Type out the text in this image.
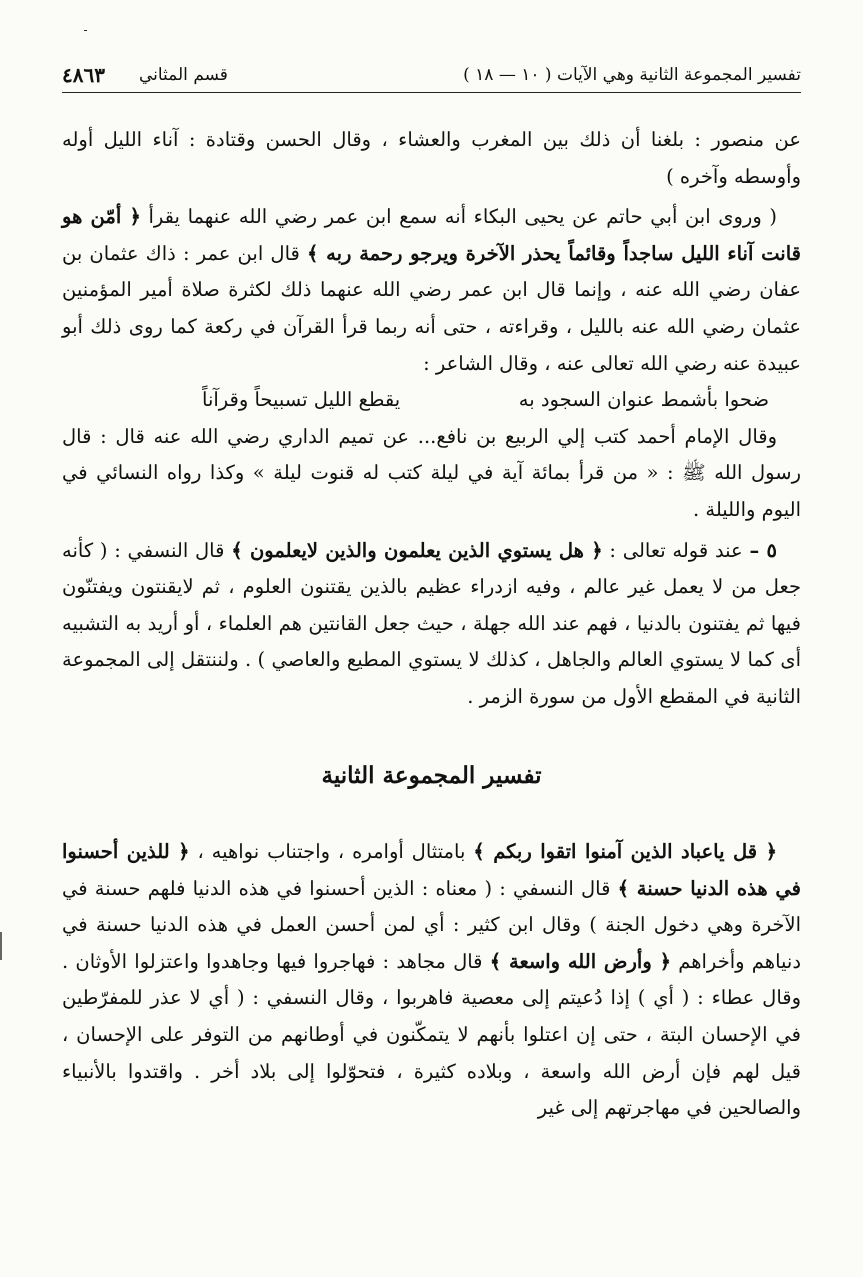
تفسير المجموعة الثانية وهي الآيات ( ١٠ — ١٨ )
قسم المثاني
٤٨٦٣

عن منصور : بلغنا أن ذلك بين المغرب والعشاء ، وقال الحسن وقتادة : آناء الليل أوله وأوسطه وآخره )

( وروى ابن أبي حاتم عن يحيى البكاء أنه سمع ابن عمر رضي الله عنهما يقرأ ﴿ أمّن هو قانت آناء الليل ساجداً وقائماً يحذر الآخرة ويرجو رحمة ربه ﴾ قال ابن عمر : ذاك عثمان بن عفان رضي الله عنه ، وإنما قال ابن عمر رضي الله عنهما ذلك لكثرة صلاة أمير المؤمنين عثمان رضي الله عنه بالليل ، وقراءته ، حتى أنه ربما قرأ القرآن في ركعة كما روى ذلك أبو عبيدة عنه رضي الله تعالى عنه ، وقال الشاعر :

ضحوا بأشمط عنوان السجود به
يقطع الليل تسبيحاً وقرآناً

وقال الإمام أحمد كتب إلي الربيع بن نافع... عن تميم الداري رضي الله عنه قال : قال رسول الله ﷺ : « من قرأ بمائة آية في ليلة كتب له قنوت ليلة » وكذا رواه النسائي في اليوم والليلة .

٥ – عند قوله تعالى : ﴿ هل يستوي الذين يعلمون والذين لايعلمون ﴾ قال النسفي : ( كأنه جعل من لا يعمل غير عالم ، وفيه ازدراء عظيم بالذين يقتنون العلوم ، ثم لايقنتون ويفتنّون فيها ثم يفتنون بالدنيا ، فهم عند الله جهلة ، حيث جعل القانتين هم العلماء ، أو أريد به التشبيه أى كما لا يستوي العالم والجاهل ، كذلك لا يستوي المطيع والعاصي ) . ولننتقل إلى المجموعة الثانية في المقطع الأول من سورة الزمر .

تفسير المجموعة الثانية

﴿ قل ياعباد الذين آمنوا اتقوا ربكم ﴾ بامتثال أوامره ، واجتناب نواهيه ، ﴿ للذين أحسنوا في هذه الدنيا حسنة ﴾ قال النسفي : ( معناه : الذين أحسنوا في هذه الدنيا فلهم حسنة في الآخرة وهي دخول الجنة ) وقال ابن كثير : أي لمن أحسن العمل في هذه الدنيا حسنة في دنياهم وأخراهم ﴿ وأرض الله واسعة ﴾ قال مجاهد : فهاجروا فيها وجاهدوا واعتزلوا الأوثان . وقال عطاء : ( أي ) إذا دُعيتم إلى معصية فاهربوا ، وقال النسفي : ( أي لا عذر للمفرّطين في الإحسان البتة ، حتى إن اعتلوا بأنهم لا يتمكّنون في أوطانهم من التوفر على الإحسان ، قيل لهم فإن أرض الله واسعة ، وبلاده كثيرة ، فتحوّلوا إلى بلاد أخر . واقتدوا بالأنبياء والصالحين في مهاجرتهم إلى غير
